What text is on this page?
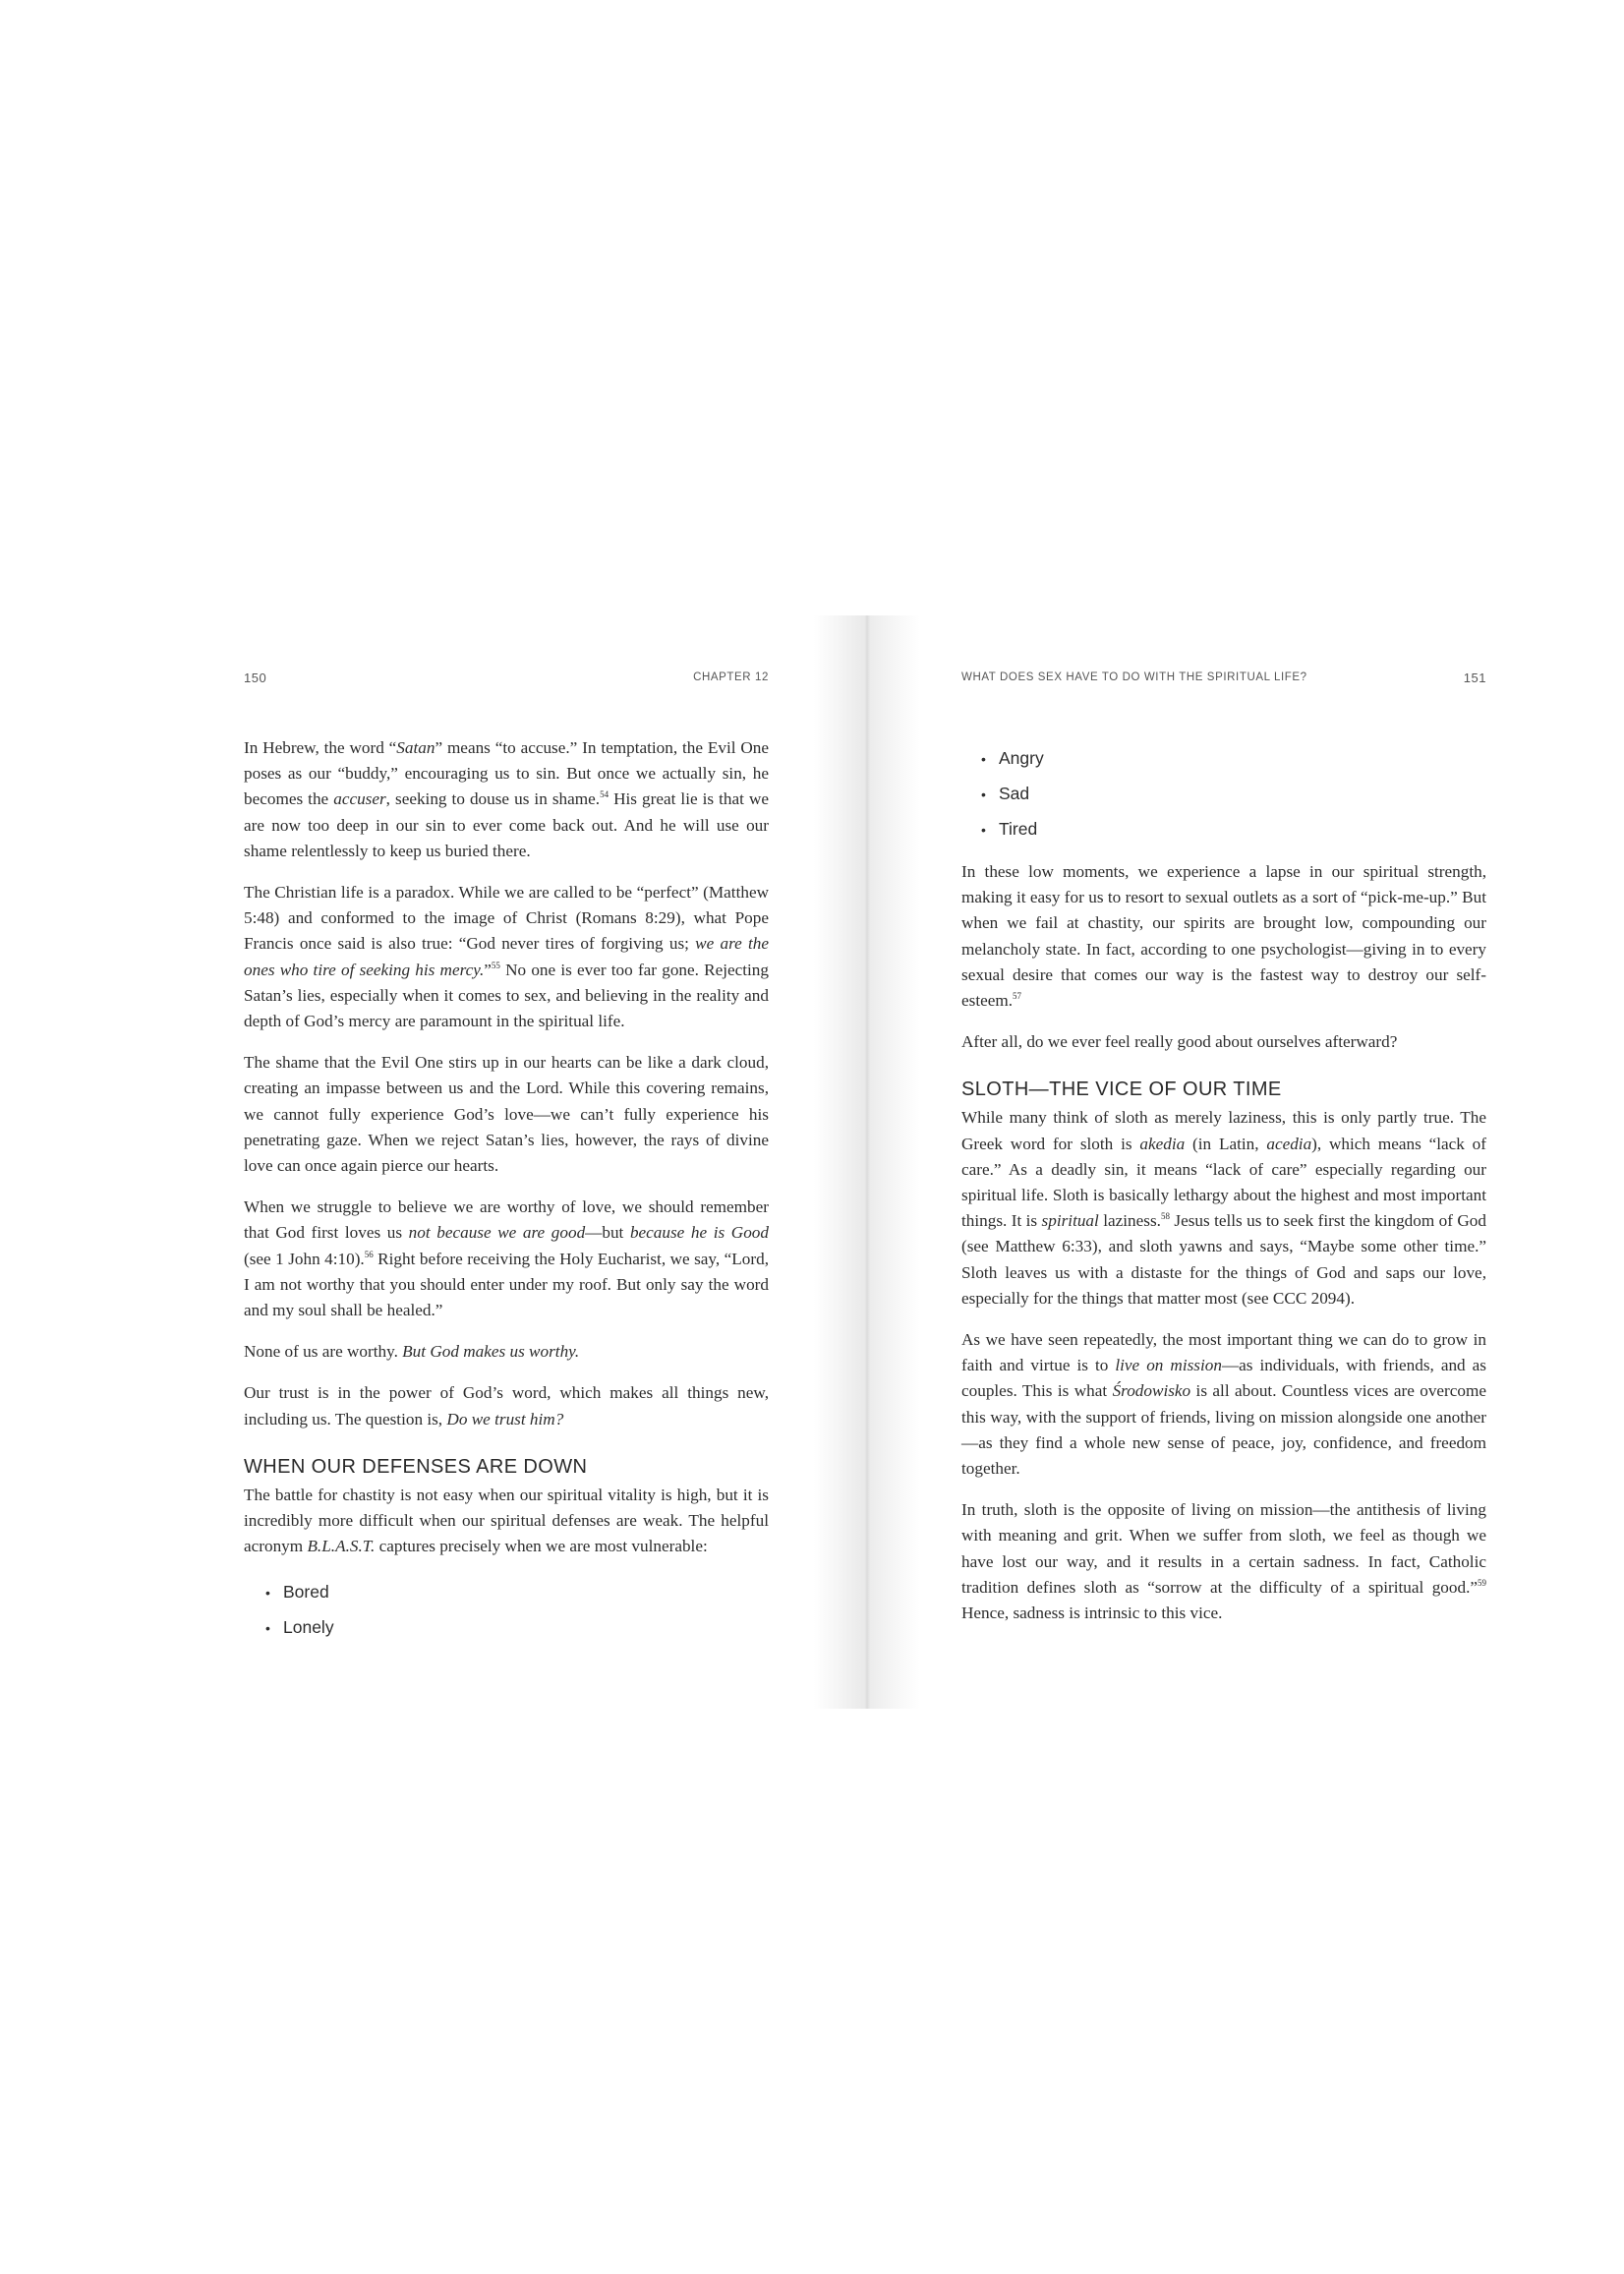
150	CHAPTER 12

In Hebrew, the word “Satan” means “to accuse.” In temptation, the Evil One poses as our “buddy,” encouraging us to sin. But once we actually sin, he becomes the accuser, seeking to douse us in shame.$^{54}$ His great lie is that we are now too deep in our sin to ever come back out. And he will use our shame relentlessly to keep us buried there.

The Christian life is a paradox. While we are called to be “perfect” (Matthew 5:48) and conformed to the image of Christ (Romans 8:29), what Pope Francis once said is also true: “God never tires of forgiving us; we are the ones who tire of seeking his mercy.”$^{55}$ No one is ever too far gone. Rejecting Satan’s lies, especially when it comes to sex, and believing in the reality and depth of God’s mercy are paramount in the spiritual life.

The shame that the Evil One stirs up in our hearts can be like a dark cloud, creating an impasse between us and the Lord. While this covering remains, we cannot fully experience God’s love—we can’t fully experience his penetrating gaze. When we reject Satan’s lies, however, the rays of divine love can once again pierce our hearts.

When we struggle to believe we are worthy of love, we should remember that God first loves us not because we are good—but because he is Good (see 1 John 4:10).$^{56}$ Right before receiving the Holy Eucharist, we say, “Lord, I am not worthy that you should enter under my roof. But only say the word and my soul shall be healed.”

None of us are worthy. But God makes us worthy.

Our trust is in the power of God’s word, which makes all things new, including us. The question is, Do we trust him?

WHEN OUR DEFENSES ARE DOWN

The battle for chastity is not easy when our spiritual vitality is high, but it is incredibly more difficult when our spiritual defenses are weak. The helpful acronym B.L.A.S.T. captures precisely when we are most vulnerable:

• Bored
• Lonely
WHAT DOES SEX HAVE TO DO WITH THE SPIRITUAL LIFE?	151
• Angry
• Sad
• Tired

In these low moments, we experience a lapse in our spiritual strength, making it easy for us to resort to sexual outlets as a sort of “pick-me-up.” But when we fail at chastity, our spirits are brought low, compounding our melancholy state. In fact, according to one psychologist—giving in to every sexual desire that comes our way is the fastest way to destroy our self-esteem.$^{57}$

After all, do we ever feel really good about ourselves afterward?

SLOTH—THE VICE OF OUR TIME

While many think of sloth as merely laziness, this is only partly true. The Greek word for sloth is akedia (in Latin, acedia), which means “lack of care.” As a deadly sin, it means “lack of care” especially regarding our spiritual life. Sloth is basically lethargy about the highest and most important things. It is spiritual laziness.$^{58}$ Jesus tells us to seek first the kingdom of God (see Matthew 6:33), and sloth yawns and says, “Maybe some other time.” Sloth leaves us with a distaste for the things of God and saps our love, especially for the things that matter most (see CCC 2094).

As we have seen repeatedly, the most important thing we can do to grow in faith and virtue is to live on mission—as individuals, with friends, and as couples. This is what Środowisko is all about. Countless vices are overcome this way, with the support of friends, living on mission alongside one another—as they find a whole new sense of peace, joy, confidence, and freedom together.

In truth, sloth is the opposite of living on mission—the antithesis of living with meaning and grit. When we suffer from sloth, we feel as though we have lost our way, and it results in a certain sadness. In fact, Catholic tradition defines sloth as “sorrow at the difficulty of a spiritual good.”$^{59}$ Hence, sadness is intrinsic to this vice.
